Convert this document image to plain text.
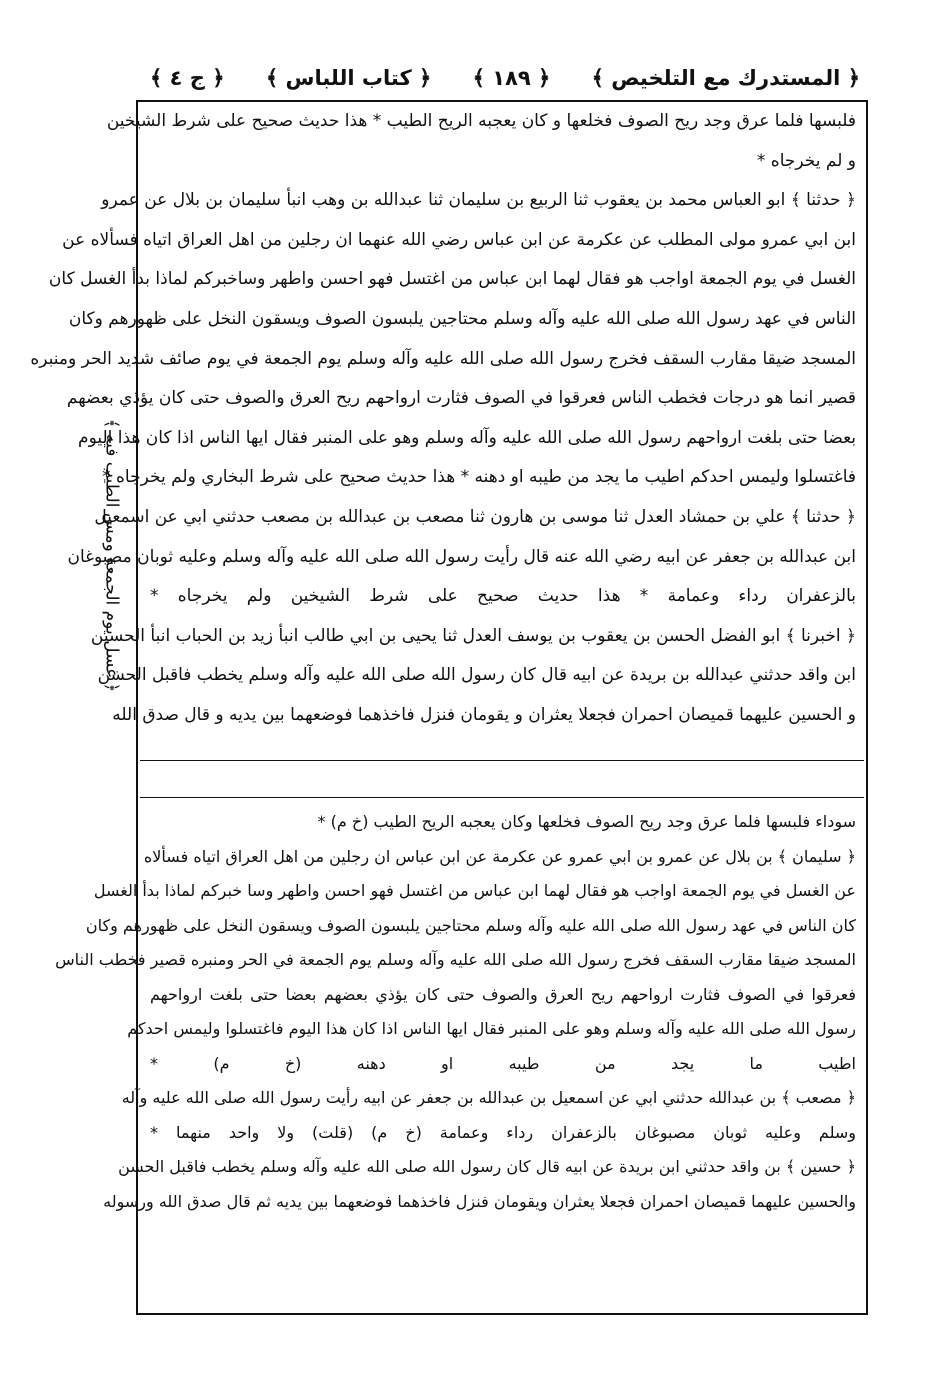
﴿ المستدرك مع التلخيص ﴾
﴿ ١٨٩ ﴾
﴿ كتاب اللباس ﴾
﴿ ج ٤ ﴾
فلبسها فلما عرق وجد ريح الصوف فخلعها و كان يعجبه الريح الطيب * هذا حديث صحيح على شرط الشيخين
و لم يخرجاه *
﴿ حدثنا ﴾ ابو العباس محمد بن يعقوب ثنا الربيع بن سليمان ثنا عبدالله بن وهب انبأ سليمان بن بلال عن عمرو
ابن ابي عمرو مولى المطلب عن عكرمة عن ابن عباس رضي الله عنهما ان رجلين من اهل العراق اتياه فسألاه عن
الغسل في يوم الجمعة اواجب هو فقال لهما ابن عباس من اغتسل فهو احسن واطهر وساخبركم لماذا بدأ الغسل كان
الناس في عهد رسول الله صلى الله عليه وآله وسلم محتاجين يلبسون الصوف ويسقون النخل على ظهورهم وكان
المسجد ضيقا مقارب السقف فخرج رسول الله صلى الله عليه وآله وسلم يوم الجمعة في يوم صائف شديد الحر ومنبره
قصير انما هو درجات فخطب الناس فعرقوا في الصوف فثارت ارواحهم ريح العرق والصوف حتى كان يؤذي بعضهم
بعضا حتى بلغت ارواحهم رسول الله صلى الله عليه وآله وسلم وهو على المنبر فقال ايها الناس اذا كان هذا اليوم
فاغتسلوا وليمس احدكم اطيب ما يجد من طيبه او دهنه * هذا حديث صحيح على شرط البخاري ولم يخرجاه *
﴿ حدثنا ﴾ علي بن حمشاد العدل ثنا موسى بن هارون ثنا مصعب بن عبدالله بن مصعب حدثني ابي عن اسمعيل
ابن عبدالله بن جعفر عن ابيه رضي الله عنه قال رأيت رسول الله صلى الله عليه وآله وسلم وعليه ثوبان مصبوغان
بالزعفران رداء وعمامة * هذا حديث صحيح على شرط الشيخين ولم يخرجاه *
﴿ اخبرنا ﴾ ابو الفضل الحسن بن يعقوب بن يوسف العدل ثنا يحيى بن ابي طالب انبأ زيد بن الحباب انبأ الحسين
ابن واقد حدثني عبدالله بن بريدة عن ابيه قال كان رسول الله صلى الله عليه وآله وسلم يخطب فاقبل الحسن
و الحسين عليهما قميصان احمران فجعلا يعثران و يقومان فنزل فاخذهما فوضعهما بين يديه و قال صدق الله
سوداء فلبسها فلما عرق وجد ريح الصوف فخلعها وكان يعجبه الريح الطيب (خ م) *
﴿ سليمان ﴾ بن بلال عن عمرو بن ابي عمرو عن عكرمة عن ابن عباس ان رجلين من اهل العراق اتياه فسألاه
عن الغسل في يوم الجمعة اواجب هو فقال لهما ابن عباس من اغتسل فهو احسن واطهر وسا خبركم لماذا بدأ الغسل
كان الناس في عهد رسول الله صلى الله عليه وآله وسلم محتاجين يلبسون الصوف ويسقون النخل على ظهورهم وكان
المسجد ضيقا مقارب السقف فخرج رسول الله صلى الله عليه وآله وسلم يوم الجمعة في الحر ومنبره قصير فخطب الناس
فعرقوا في الصوف فثارت ارواحهم ريح العرق والصوف حتى كان يؤذي بعضهم بعضا حتى بلغت ارواحهم
رسول الله صلى الله عليه وآله وسلم وهو على المنبر فقال ايها الناس اذا كان هذا اليوم فاغتسلوا وليمس احدكم
اطيب ما يجد من طيبه او دهنه (خ م) *
﴿ مصعب ﴾ بن عبدالله حدثني ابي عن اسمعيل بن عبدالله بن جعفر عن ابيه رأيت رسول الله صلى الله عليه وآله
وسلم وعليه ثوبان مصبوغان بالزعفران رداء وعمامة (خ م) (قلت) ولا واحد منهما *
﴿ حسين ﴾ بن واقد حدثني ابن بريدة عن ابيه قال كان رسول الله صلى الله عليه وآله وسلم يخطب فاقبل الحسن
والحسين عليهما قميصان احمران فجعلا يعثران ويقومان فنزل فاخذهما فوضعهما بين يديه ثم قال صدق الله ورسوله
﴿ غسل يوم الجمعة ومس الطيب فيه ﴾
